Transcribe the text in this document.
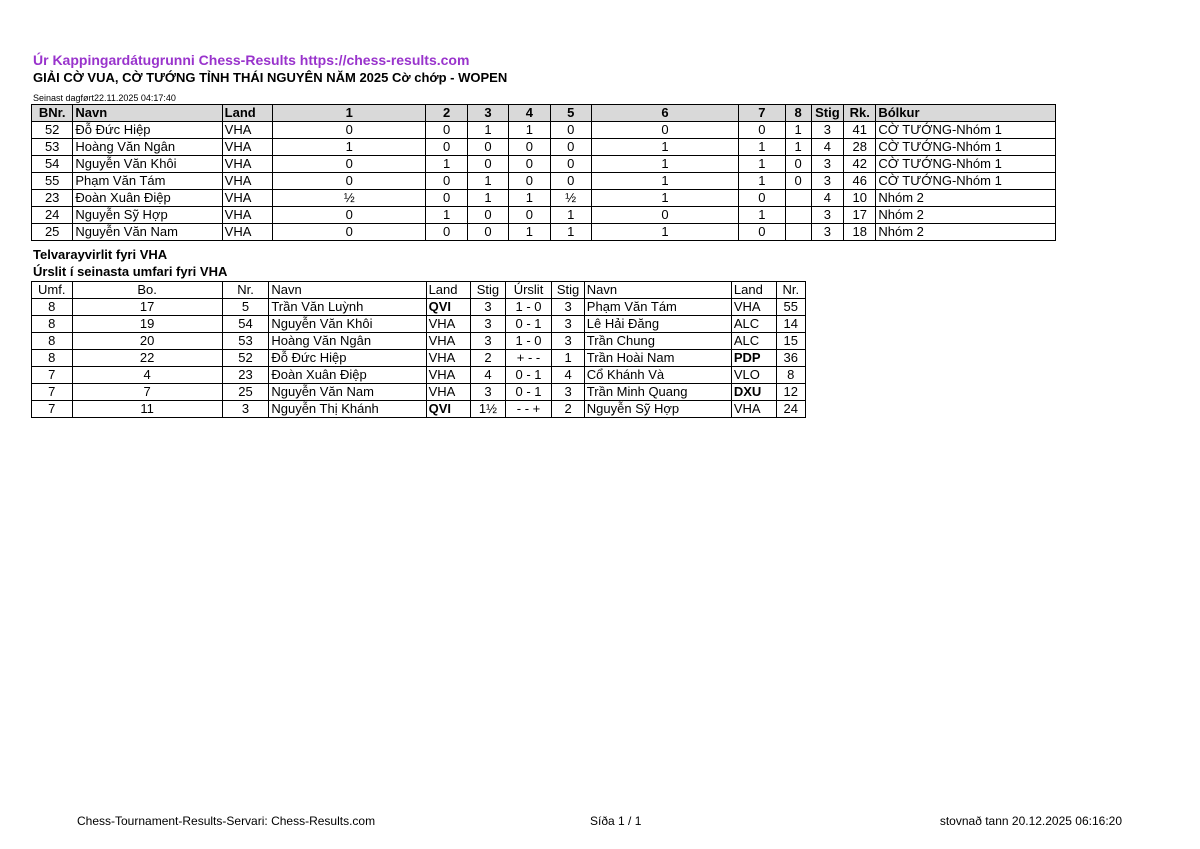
Úr Kappingardátugrunni Chess-Results https://chess-results.com
GIẢI CỜ VUA, CỜ TƯỚNG TỈNH THÁI NGUYÊN NĂM 2025 Cờ chớp - WOPEN
Seinast dagført22.11.2025 04:17:40
BNr.	Navn	Land	1	2	3	4	5	6	7	8	Stig	Rk.	Bólkur
52	Đỗ Đức Hiệp	VHA	0	0	1	1	0	0	0	1	3	41	CỜ TƯỚNG-Nhóm 1
53	Hoàng Văn Ngân	VHA	1	0	0	0	0	1	1	1	4	28	CỜ TƯỚNG-Nhóm 1
54	Nguyễn Văn Khôi	VHA	0	1	0	0	0	1	1	0	3	42	CỜ TƯỚNG-Nhóm 1
55	Phạm Văn Tám	VHA	0	0	1	0	0	1	1	0	3	46	CỜ TƯỚNG-Nhóm 1
23	Đoàn Xuân Điệp	VHA	½	0	1	1	½	1	0		4	10	Nhóm 2
24	Nguyễn Sỹ Hợp	VHA	0	1	0	0	1	0	1		3	17	Nhóm 2
25	Nguyễn Văn Nam	VHA	0	0	0	1	1	1	0		3	18	Nhóm 2
Telvarayvirlit fyri VHA
Úrslit í seinasta umfari fyri VHA
Umf.	Bo.	Nr.	Navn	Land	Stig	Úrslit	Stig	Navn	Land	Nr.
8	17	5	Trần Văn Luỳnh	QVI	3	1 - 0	3	Phạm Văn Tám	VHA	55
8	19	54	Nguyễn Văn Khôi	VHA	3	0 - 1	3	Lê Hải Đăng	ALC	14
8	20	53	Hoàng Văn Ngân	VHA	3	1 - 0	3	Trần Chung	ALC	15
8	22	52	Đỗ Đức Hiệp	VHA	2	+ - -	1	Trần Hoài Nam	PDP	36
7	4	23	Đoàn Xuân Điệp	VHA	4	0 - 1	4	Cổ Khánh Và	VLO	8
7	7	25	Nguyễn Văn Nam	VHA	3	0 - 1	3	Trần Minh Quang	DXU	12
7	11	3	Nguyễn Thị Khánh	QVI	1½	- - +	2	Nguyễn Sỹ Hợp	VHA	24
Chess-Tournament-Results-Servari: Chess-Results.com	Síða 1 / 1	stovnað tann 20.12.2025 06:16:20
